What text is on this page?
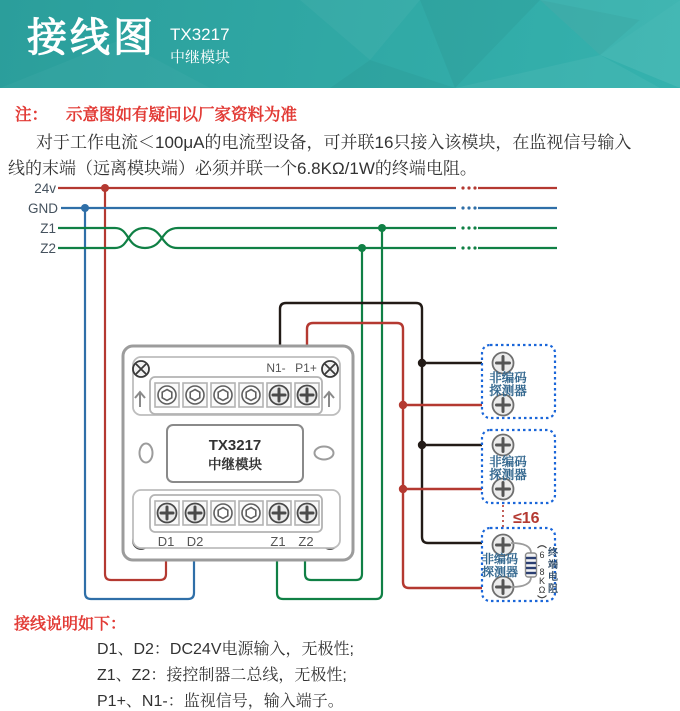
接线图 TX3217
中继模块
注： 示意图如有疑问以厂家资料为准
对于工作电流＜100μA的电流型设备，可并联16只接入该模块，在监视信号输入
线的末端（远离模块端）必须并联一个6.8KΩ/1W的终端电阻。
24v
GND
Z1
Z2
N1- P1+
TX3217
中继模块
D1 D2	Z1 Z2
非编码
探测器
非编码
探测器
≤16
非编码
探测器
6
．
8
K
Ω
终
端
电
阻
接线说明如下：
D1、D2：DC24V电源输入，无极性;
Z1、Z2：接控制器二总线，无极性;
P1+、N1-：监视信号，输入端子。
